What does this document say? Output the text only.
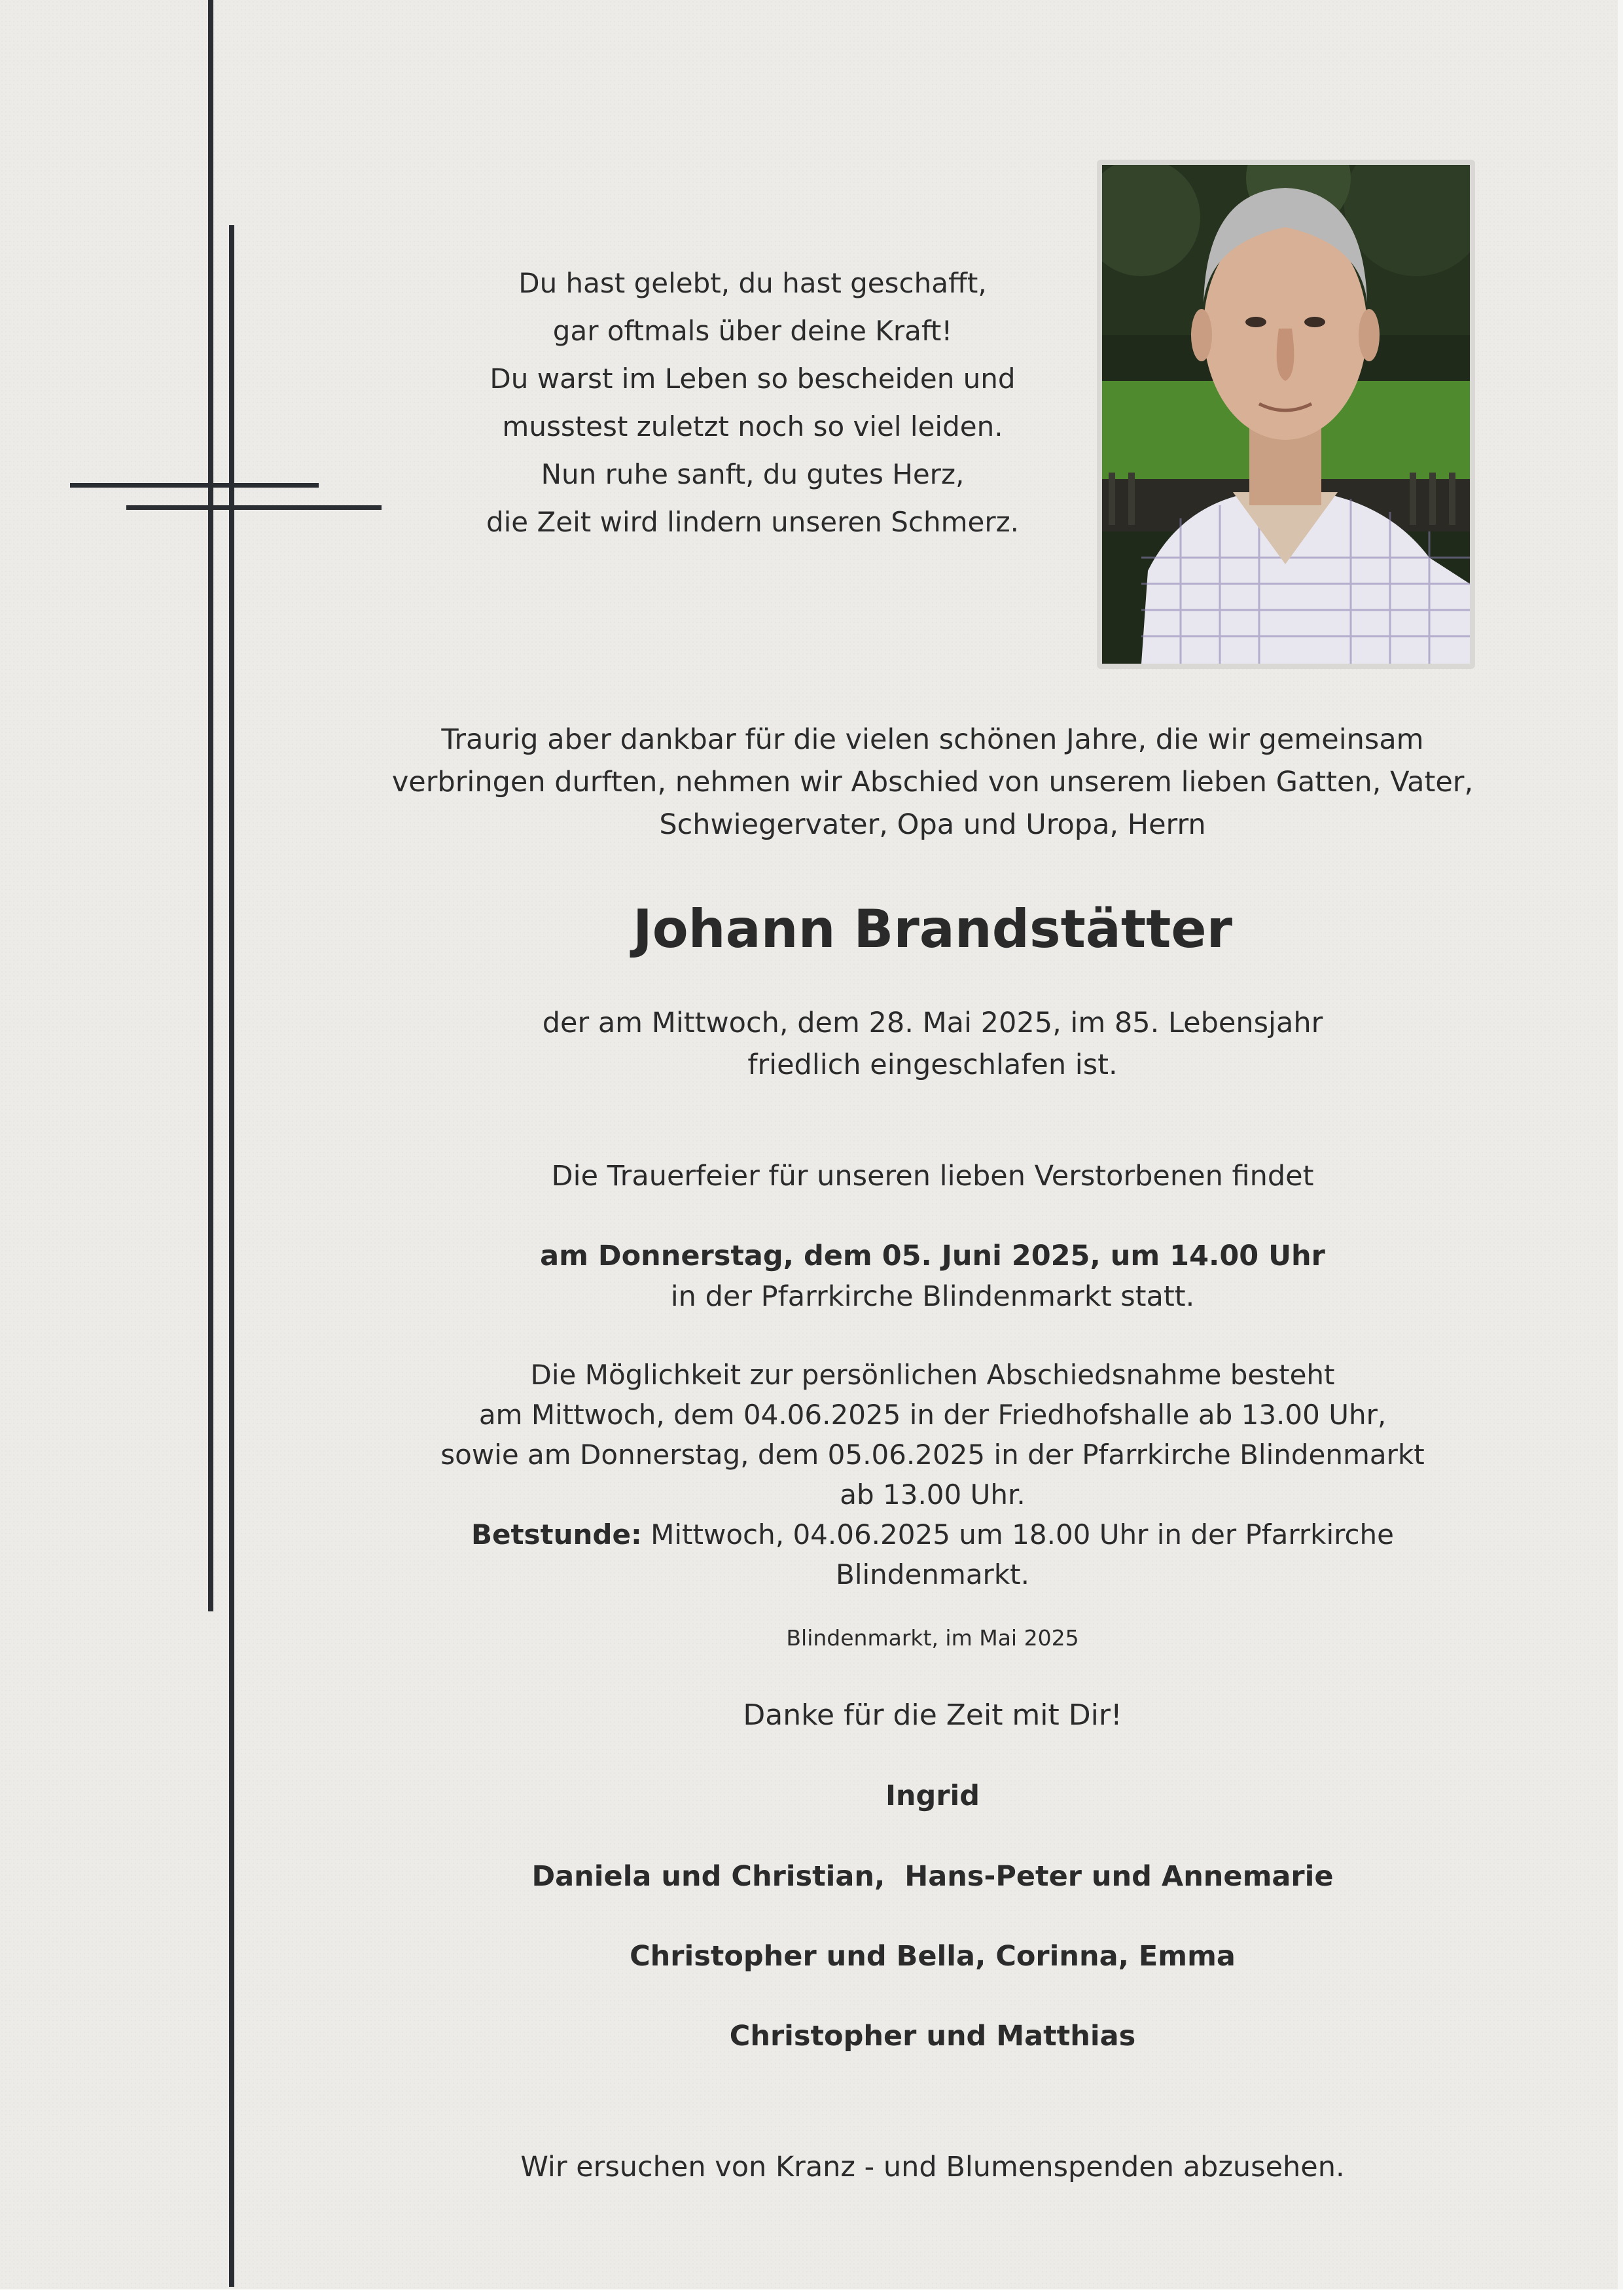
Du hast gelebt, du hast geschafft,
gar oftmals über deine Kraft!
Du warst im Leben so bescheiden und
musstest zuletzt noch so viel leiden.
Nun ruhe sanft, du gutes Herz,
die Zeit wird lindern unseren Schmerz.
Traurig aber dankbar für die vielen schönen Jahre, die wir gemeinsam
verbringen durften, nehmen wir Abschied von unserem lieben Gatten, Vater,
Schwiegervater, Opa und Uropa, Herrn
Johann Brandstätter
der am Mittwoch, dem 28. Mai 2025, im 85. Lebensjahr
friedlich eingeschlafen ist.
Die Trauerfeier für unseren lieben Verstorbenen findet
am Donnerstag, dem 05. Juni 2025, um 14.00 Uhr
in der Pfarrkirche Blindenmarkt statt.
Die Möglichkeit zur persönlichen Abschiedsnahme besteht
am Mittwoch, dem 04.06.2025 in der Friedhofshalle ab 13.00 Uhr,
sowie am Donnerstag, dem 05.06.2025 in der Pfarrkirche Blindenmarkt
ab 13.00 Uhr.
Betstunde: Mittwoch, 04.06.2025 um 18.00 Uhr in der Pfarrkirche
Blindenmarkt.
Blindenmarkt, im Mai 2025
Danke für die Zeit mit Dir!
Ingrid
Daniela und Christian,  Hans-Peter und Annemarie
Christopher und Bella, Corinna, Emma
Christopher und Matthias
Wir ersuchen von Kranz - und Blumenspenden abzusehen.
